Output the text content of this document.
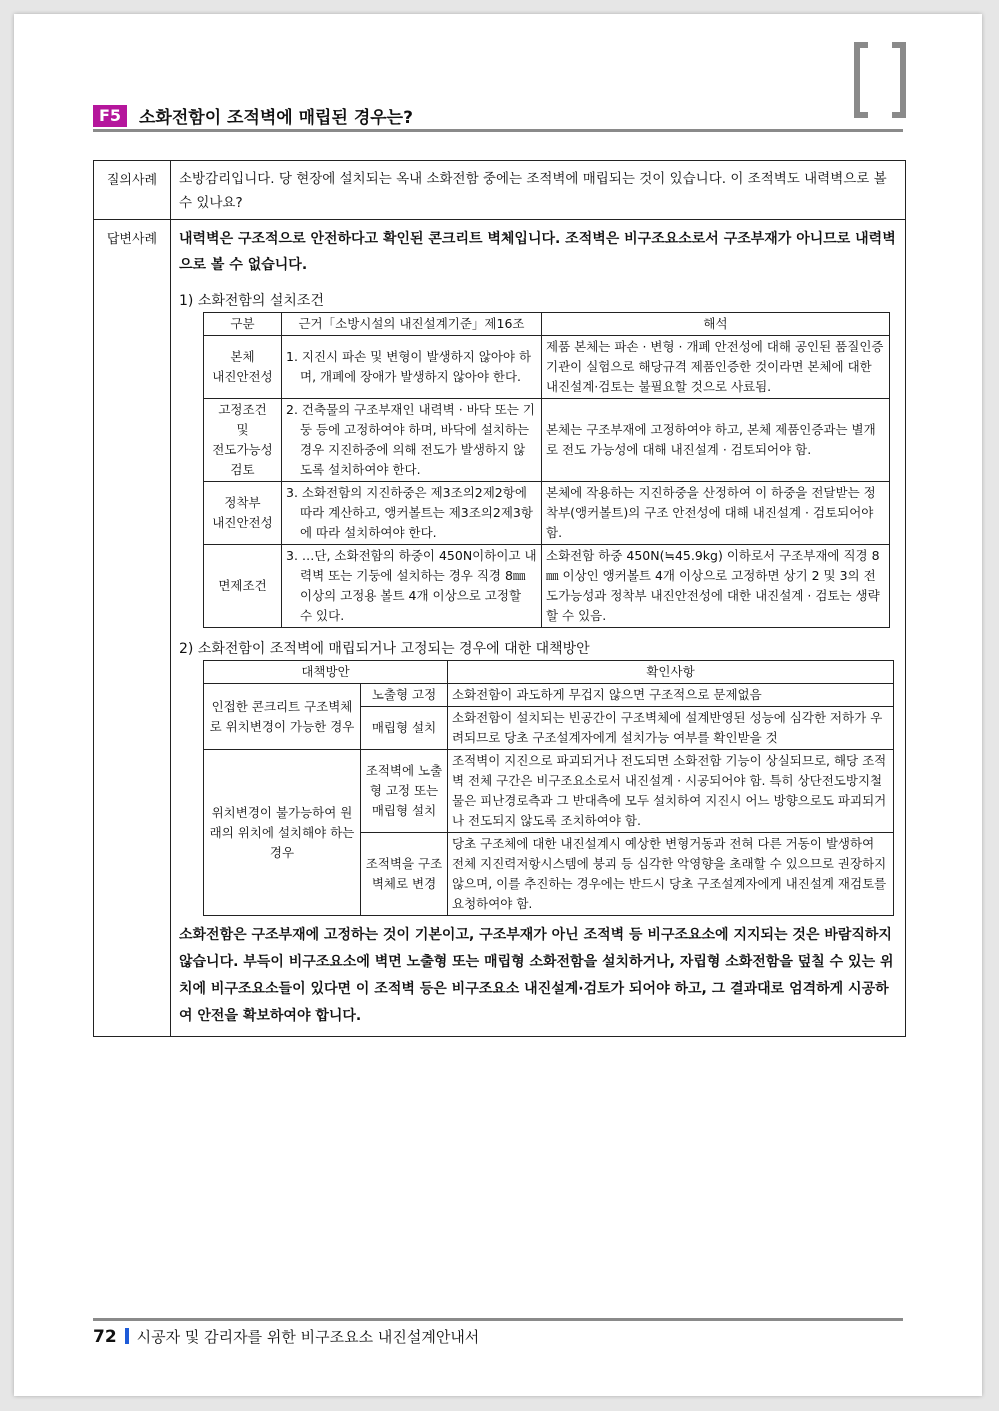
F5	소화전함이 조적벽에 매립된 경우는?
질의사례	소방감리입니다. 당 현장에 설치되는 옥내 소화전함 중에는 조적벽에 매립되는 것이 있습니다. 이 조적벽도 내력벽으로 볼 수 있나요?
답변사례	내력벽은 구조적으로 안전하다고 확인된 콘크리트 벽체입니다. 조적벽은 비구조요소로서 구조부재가 아니므로 내력벽으로 볼 수 없습니다.
1) 소화전함의 설치조건
구분	근거「소방시설의 내진설계기준」제16조	해석
본체
내진안전성	1. 지진시 파손 및 변형이 발생하지 않아야 하며, 개폐에 장애가 발생하지 않아야 한다.	제품 본체는 파손 · 변형 · 개폐 안전성에 대해 공인된 품질인증기관이 실험으로 해당규격 제품인증한 것이라면 본체에 대한 내진설계·검토는 불필요할 것으로 사료됨.
고정조건
및
전도가능성
검토	2. 건축물의 구조부재인 내력벽 · 바닥 또는 기둥 등에 고정하여야 하며, 바닥에 설치하는 경우 지진하중에 의해 전도가 발생하지 않도록 설치하여야 한다.	본체는 구조부재에 고정하여야 하고, 본체 제품인증과는 별개로 전도 가능성에 대해 내진설계 · 검토되어야 함.
정착부
내진안전성	3. 소화전함의 지진하중은 제3조의2제2항에 따라 계산하고, 앵커볼트는 제3조의2제3항에 따라 설치하여야 한다.	본체에 작용하는 지진하중을 산정하여 이 하중을 전달받는 정착부(앵커볼트)의 구조 안전성에 대해 내진설계 · 검토되어야 함.
면제조건	3. …단, 소화전함의 하중이 450N이하이고 내력벽 또는 기둥에 설치하는 경우 직경 8㎜ 이상의 고정용 볼트 4개 이상으로 고정할 수 있다.	소화전함 하중 450N(≒45.9kg) 이하로서 구조부재에 직경 8㎜ 이상인 앵커볼트 4개 이상으로 고정하면 상기 2 및 3의 전도가능성과 정착부 내진안전성에 대한 내진설계 · 검토는 생략할 수 있음.
2) 소화전함이 조적벽에 매립되거나 고정되는 경우에 대한 대책방안
대책방안	확인사항
인접한 콘크리트 구조벽체로 위치변경이 가능한 경우	노출형 고정	소화전함이 과도하게 무겁지 않으면 구조적으로 문제없음
매립형 설치	소화전함이 설치되는 빈공간이 구조벽체에 설계반영된 성능에 심각한 저하가 우려되므로 당초 구조설계자에게 설치가능 여부를 확인받을 것
위치변경이 불가능하여 원래의 위치에 설치해야 하는 경우	조적벽에 노출형 고정 또는 매립형 설치	조적벽이 지진으로 파괴되거나 전도되면 소화전함 기능이 상실되므로, 해당 조적벽 전체 구간은 비구조요소로서 내진설계 · 시공되어야 함. 특히 상단전도방지철물은 피난경로측과 그 반대측에 모두 설치하여 지진시 어느 방향으로도 파괴되거나 전도되지 않도록 조치하여야 함.
조적벽을 구조벽체로 변경	당초 구조체에 대한 내진설계시 예상한 변형거동과 전혀 다른 거동이 발생하여 전체 지진력저항시스템에 붕괴 등 심각한 악영향을 초래할 수 있으므로 권장하지 않으며, 이를 추진하는 경우에는 반드시 당초 구조설계자에게 내진설계 재검토를 요청하여야 함.
소화전함은 구조부재에 고정하는 것이 기본이고, 구조부재가 아닌 조적벽 등 비구조요소에 지지되는 것은 바람직하지 않습니다. 부득이 비구조요소에 벽면 노출형 또는 매립형 소화전함을 설치하거나, 자립형 소화전함을 덮칠 수 있는 위치에 비구조요소들이 있다면 이 조적벽 등은 비구조요소 내진설계·검토가 되어야 하고, 그 결과대로 엄격하게 시공하여 안전을 확보하여야 합니다.
72 시공자 및 감리자를 위한 비구조요소 내진설계안내서
